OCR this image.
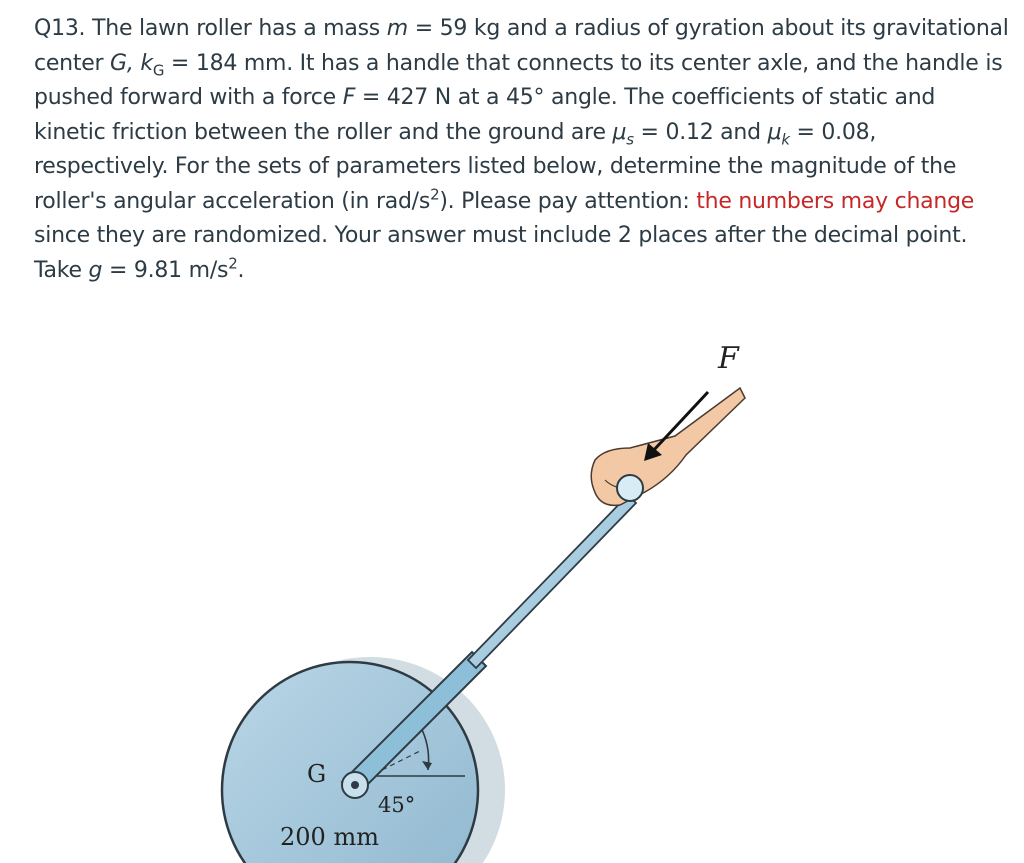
Q13. The lawn roller has a mass m = 59 kg and a radius of gyration about its gravitational center G, $k_G = 184$ mm. It has a handle that connects to its center axle, and the handle is pushed forward with a force F = 427 N at a 45° angle. The coefficients of static and kinetic friction between the roller and the ground are $\mu_s = 0.12$ and $\mu_k = 0.08$, respectively. For the sets of parameters listed below, determine the magnitude of the roller's angular acceleration (in rad/$s^2$). Please pay attention: the numbers may change since they are randomized. Your answer must include 2 places after the decimal point. Take g = 9.81 $m/s^2$.

F
G
45°
200 mm
